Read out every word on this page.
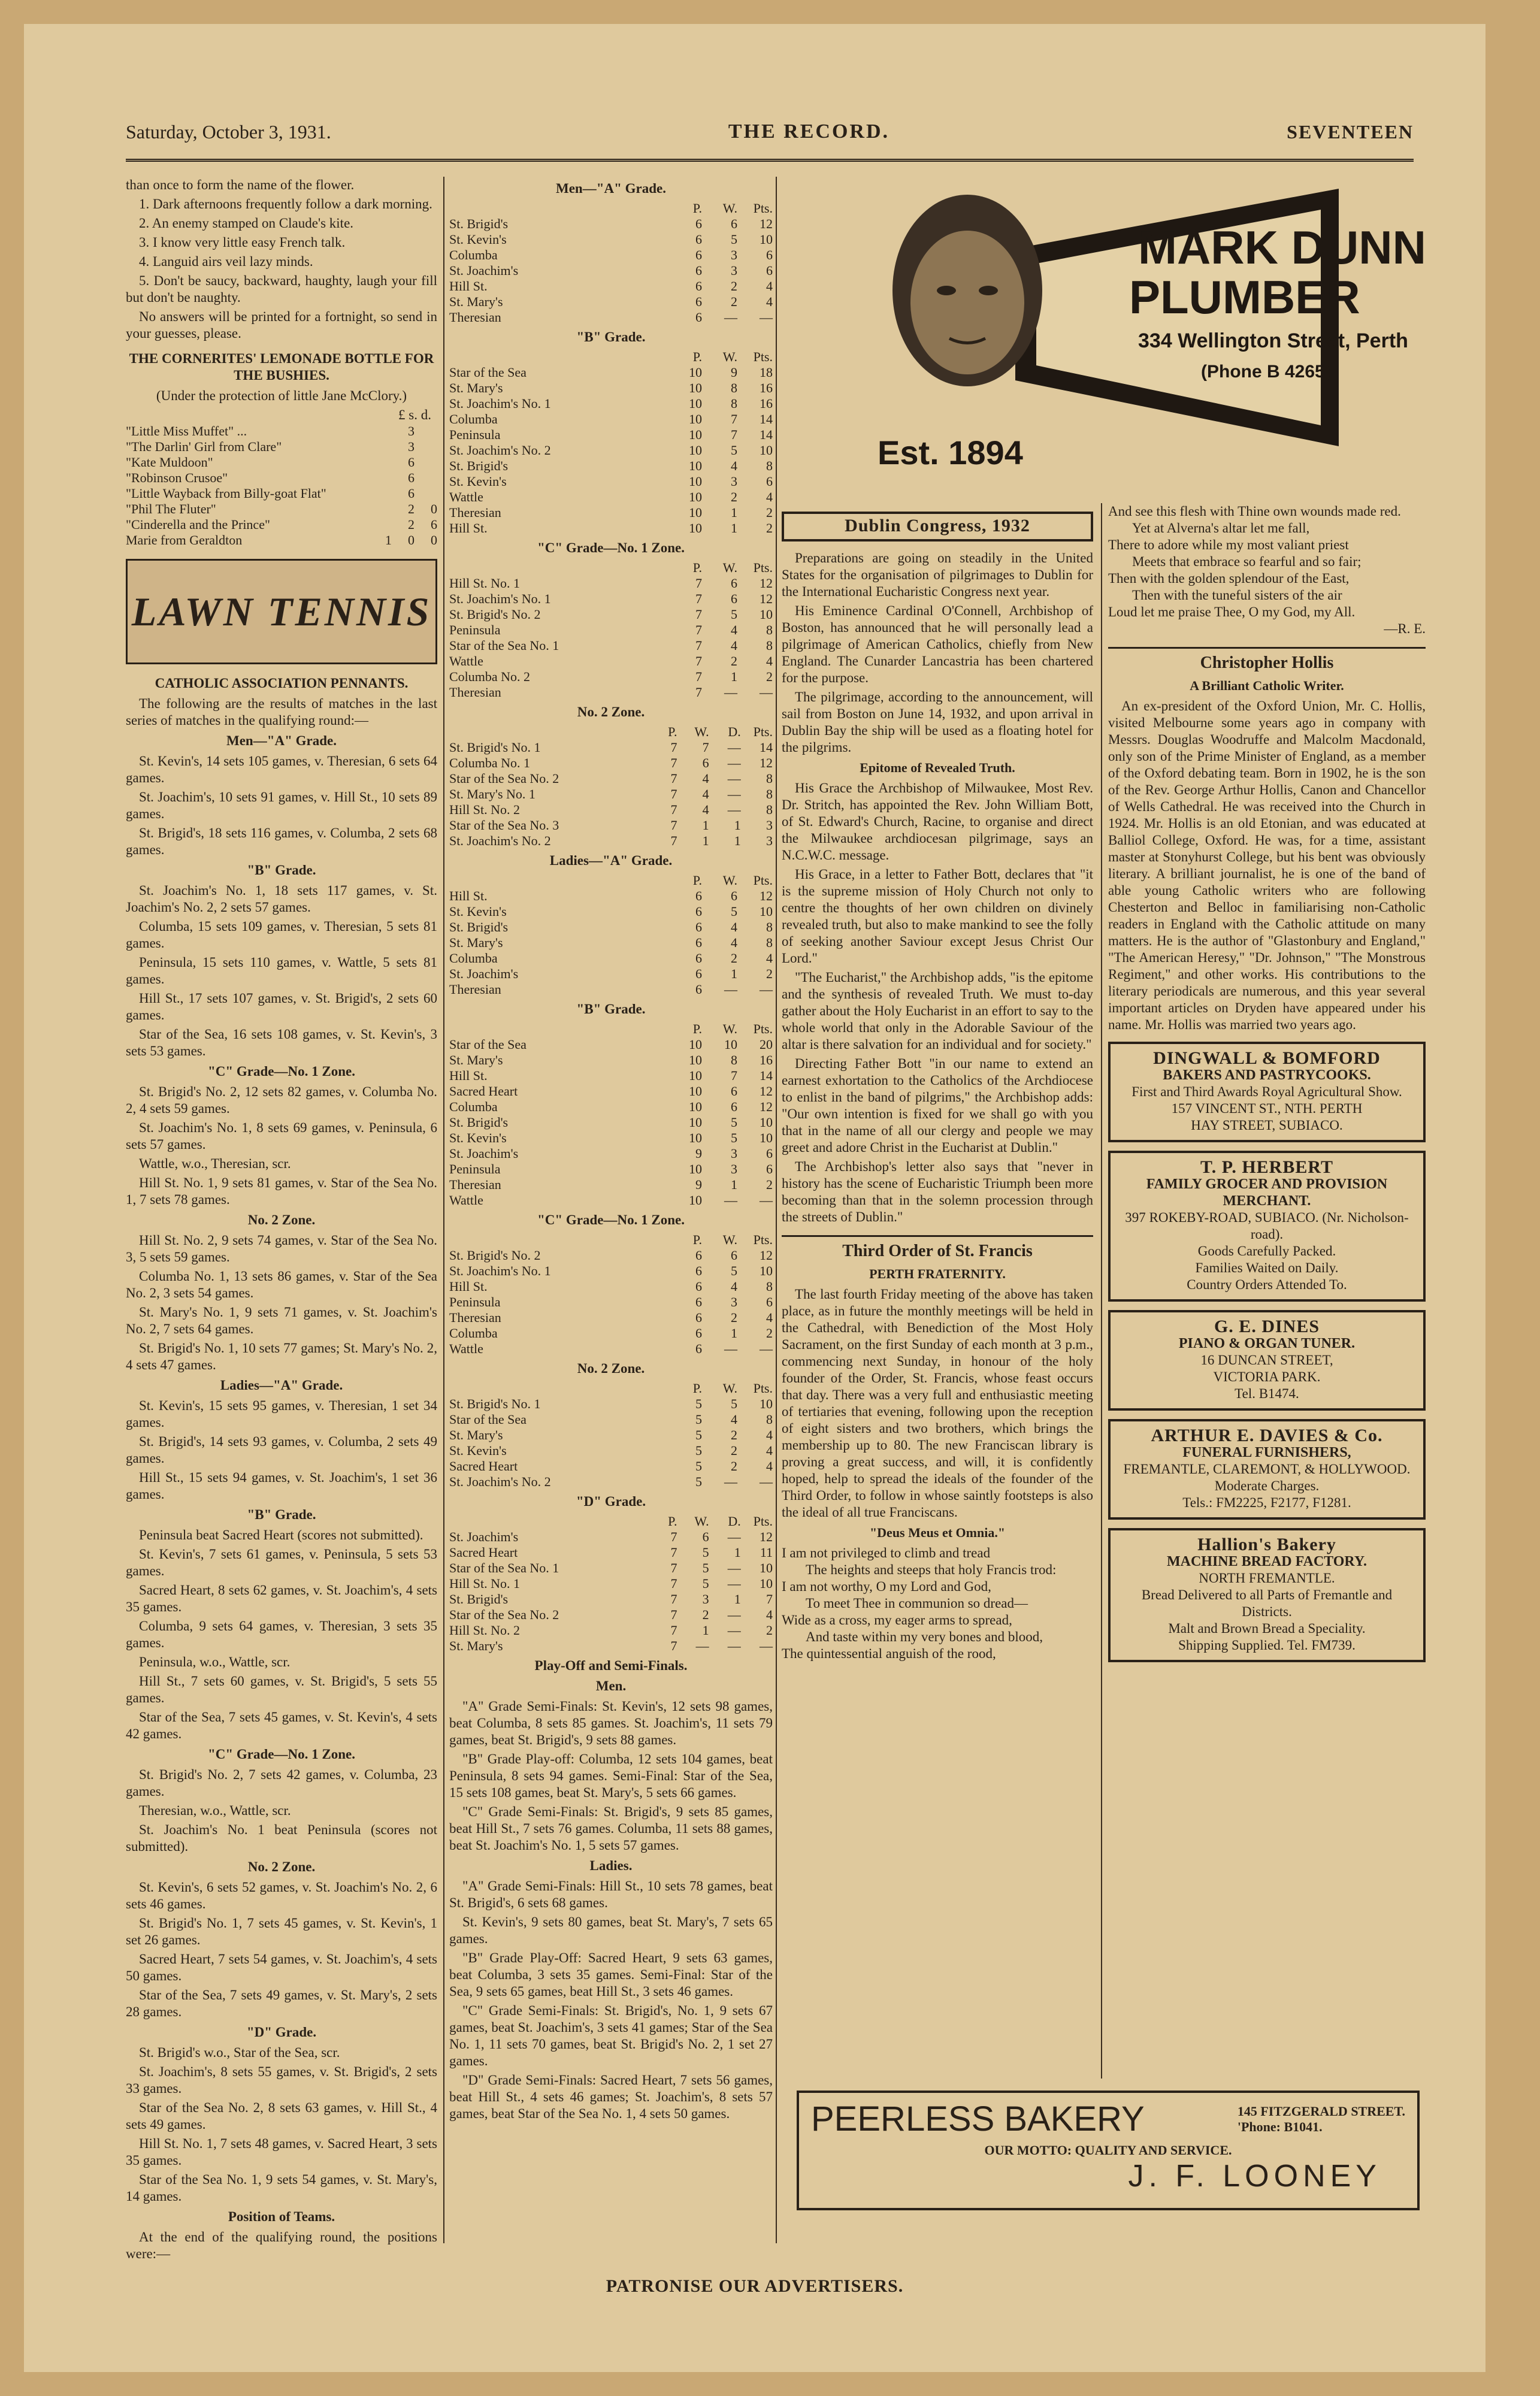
Saturday, October 3, 1931.	THE RECORD.	SEVENTEEN

than once to form the name of the flower.

1. Dark afternoons frequently follow a dark morning.

2. An enemy stamped on Claude's kite.

3. I know very little easy French talk.

4. Languid airs veil lazy minds.

5. Don't be saucy, backward, haughty, laugh your fill but don't be naughty.

No answers will be printed for a fortnight, so send in your guesses, please.

THE CORNERITES' LEMONADE BOTTLE FOR THE BUSHIES.

(Under the protection of little Jane McClory.)

£ s. d.
"Little Miss Muffet" ...		3	
"The Darlin' Girl from Clare"		3	
"Kate Muldoon"		6	
"Robinson Crusoe"		6	
"Little Wayback from Billy-goat Flat"		6	
"Phil The Fluter"		2	0
"Cinderella and the Prince"		2	6
Marie from Geraldton	1	0	0
LAWN TENNIS
CATHOLIC ASSOCIATION PENNANTS.

The following are the results of matches in the last series of matches in the qualifying round:—

Men—"A" Grade.

St. Kevin's, 14 sets 105 games, v. Theresian, 6 sets 64 games.

St. Joachim's, 10 sets 91 games, v. Hill St., 10 sets 89 games.

St. Brigid's, 18 sets 116 games, v. Columba, 2 sets 68 games.

"B" Grade.

St. Joachim's No. 1, 18 sets 117 games, v. St. Joachim's No. 2, 2 sets 57 games.

Columba, 15 sets 109 games, v. Theresian, 5 sets 81 games.

Peninsula, 15 sets 110 games, v. Wattle, 5 sets 81 games.

Hill St., 17 sets 107 games, v. St. Brigid's, 2 sets 60 games.

Star of the Sea, 16 sets 108 games, v. St. Kevin's, 3 sets 53 games.

"C" Grade—No. 1 Zone.

St. Brigid's No. 2, 12 sets 82 games, v. Columba No. 2, 4 sets 59 games.

St. Joachim's No. 1, 8 sets 69 games, v. Peninsula, 6 sets 57 games.

Wattle, w.o., Theresian, scr.

Hill St. No. 1, 9 sets 81 games, v. Star of the Sea No. 1, 7 sets 78 games.

No. 2 Zone.

Hill St. No. 2, 9 sets 74 games, v. Star of the Sea No. 3, 5 sets 59 games.

Columba No. 1, 13 sets 86 games, v. Star of the Sea No. 2, 3 sets 54 games.

St. Mary's No. 1, 9 sets 71 games, v. St. Joachim's No. 2, 7 sets 64 games.

St. Brigid's No. 1, 10 sets 77 games; St. Mary's No. 2, 4 sets 47 games.

Ladies—"A" Grade.

St. Kevin's, 15 sets 95 games, v. Theresian, 1 set 34 games.

St. Brigid's, 14 sets 93 games, v. Columba, 2 sets 49 games.

Hill St., 15 sets 94 games, v. St. Joachim's, 1 set 36 games.

"B" Grade.

Peninsula beat Sacred Heart (scores not submitted).

St. Kevin's, 7 sets 61 games, v. Peninsula, 5 sets 53 games.

Sacred Heart, 8 sets 62 games, v. St. Joachim's, 4 sets 35 games.

Columba, 9 sets 64 games, v. Theresian, 3 sets 35 games.

Peninsula, w.o., Wattle, scr.

Hill St., 7 sets 60 games, v. St. Brigid's, 5 sets 55 games.

Star of the Sea, 7 sets 45 games, v. St. Kevin's, 4 sets 42 games.

"C" Grade—No. 1 Zone.

St. Brigid's No. 2, 7 sets 42 games, v. Columba, 23 games.

Theresian, w.o., Wattle, scr.

St. Joachim's No. 1 beat Peninsula (scores not submitted).

No. 2 Zone.

St. Kevin's, 6 sets 52 games, v. St. Joachim's No. 2, 6 sets 46 games.

St. Brigid's No. 1, 7 sets 45 games, v. St. Kevin's, 1 set 26 games.

Sacred Heart, 7 sets 54 games, v. St. Joachim's, 4 sets 50 games.

Star of the Sea, 7 sets 49 games, v. St. Mary's, 2 sets 28 games.

"D" Grade.

St. Brigid's w.o., Star of the Sea, scr.

St. Joachim's, 8 sets 55 games, v. St. Brigid's, 2 sets 33 games.

Star of the Sea No. 2, 8 sets 63 games, v. Hill St., 4 sets 49 games.

Hill St. No. 1, 7 sets 48 games, v. Sacred Heart, 3 sets 35 games.

Star of the Sea No. 1, 9 sets 54 games, v. St. Mary's, 14 games.

Position of Teams.

At the end of the qualifying round, the positions were:—

Men—"A" Grade.
	P.	W.	Pts.
St. Brigid's	6	6	12
St. Kevin's	6	5	10
Columba	6	3	6
St. Joachim's	6	3	6
Hill St.	6	2	4
St. Mary's	6	2	4
Theresian	6	—	—
"B" Grade.
	P.	W.	Pts.
Star of the Sea	10	9	18
St. Mary's	10	8	16
St. Joachim's No. 1	10	8	16
Columba	10	7	14
Peninsula	10	7	14
St. Joachim's No. 2	10	5	10
St. Brigid's	10	4	8
St. Kevin's	10	3	6
Wattle	10	2	4
Theresian	10	1	2
Hill St.	10	1	2
"C" Grade—No. 1 Zone.
	P.	W.	Pts.
Hill St. No. 1	7	6	12
St. Joachim's No. 1	7	6	12
St. Brigid's No. 2	7	5	10
Peninsula	7	4	8
Star of the Sea No. 1	7	4	8
Wattle	7	2	4
Columba No. 2	7	1	2
Theresian	7	—	—
No. 2 Zone.
	P.	W.	D.	Pts.
St. Brigid's No. 1	7	7	—	14
Columba No. 1	7	6	—	12
Star of the Sea No. 2	7	4	—	8
St. Mary's No. 1	7	4	—	8
Hill St. No. 2	7	4	—	8
Star of the Sea No. 3	7	1	1	3
St. Joachim's No. 2	7	1	1	3
Ladies—"A" Grade.
	P.	W.	Pts.
Hill St.	6	6	12
St. Kevin's	6	5	10
St. Brigid's	6	4	8
St. Mary's	6	4	8
Columba	6	2	4
St. Joachim's	6	1	2
Theresian	6	—	—
"B" Grade.
	P.	W.	Pts.
Star of the Sea	10	10	20
St. Mary's	10	8	16
Hill St.	10	7	14
Sacred Heart	10	6	12
Columba	10	6	12
St. Brigid's	10	5	10
St. Kevin's	10	5	10
St. Joachim's	9	3	6
Peninsula	10	3	6
Theresian	9	1	2
Wattle	10	—	—
"C" Grade—No. 1 Zone.
	P.	W.	Pts.
St. Brigid's No. 2	6	6	12
St. Joachim's No. 1	6	5	10
Hill St.	6	4	8
Peninsula	6	3	6
Theresian	6	2	4
Columba	6	1	2
Wattle	6	—	—
No. 2 Zone.
	P.	W.	Pts.
St. Brigid's No. 1	5	5	10
Star of the Sea	5	4	8
St. Mary's	5	2	4
St. Kevin's	5	2	4
Sacred Heart	5	2	4
St. Joachim's No. 2	5	—	—
"D" Grade.
	P.	W.	D.	Pts.
St. Joachim's	7	6	—	12
Sacred Heart	7	5	1	11
Star of the Sea No. 1	7	5	—	10
Hill St. No. 1	7	5	—	10
St. Brigid's	7	3	1	7
Star of the Sea No. 2	7	2	—	4
Hill St. No. 2	7	1	—	2
St. Mary's	7	—	—	—
Play-Off and Semi-Finals.
Men.

"A" Grade Semi-Finals: St. Kevin's, 12 sets 98 games, beat Columba, 8 sets 85 games. St. Joachim's, 11 sets 79 games, beat St. Brigid's, 9 sets 88 games.

"B" Grade Play-off: Columba, 12 sets 104 games, beat Peninsula, 8 sets 94 games. Semi-Final: Star of the Sea, 15 sets 108 games, beat St. Mary's, 5 sets 66 games.

"C" Grade Semi-Finals: St. Brigid's, 9 sets 85 games, beat Hill St., 7 sets 76 games. Columba, 11 sets 88 games, beat St. Joachim's No. 1, 5 sets 57 games.

Ladies.

"A" Grade Semi-Finals: Hill St., 10 sets 78 games, beat St. Brigid's, 6 sets 68 games.

St. Kevin's, 9 sets 80 games, beat St. Mary's, 7 sets 65 games.

"B" Grade Play-Off: Sacred Heart, 9 sets 63 games, beat Columba, 3 sets 35 games. Semi-Final: Star of the Sea, 9 sets 65 games, beat Hill St., 3 sets 46 games.

"C" Grade Semi-Finals: St. Brigid's, No. 1, 9 sets 67 games, beat St. Joachim's, 3 sets 41 games; Star of the Sea No. 1, 11 sets 70 games, beat St. Brigid's No. 2, 1 set 27 games.

"D" Grade Semi-Finals: Sacred Heart, 7 sets 56 games, beat Hill St., 4 sets 46 games; St. Joachim's, 8 sets 57 games, beat Star of the Sea No. 1, 4 sets 50 games.

MARK DUNN
PLUMBER
334 Wellington Street, Perth
(Phone B 4265)
Est. 1894
Dublin Congress, 1932

Preparations are going on steadily in the United States for the organisation of pilgrimages to Dublin for the International Eucharistic Congress next year.

His Eminence Cardinal O'Connell, Archbishop of Boston, has announced that he will personally lead a pilgrimage of American Catholics, chiefly from New England. The Cunarder Lancastria has been chartered for the purpose.

The pilgrimage, according to the announcement, will sail from Boston on June 14, 1932, and upon arrival in Dublin Bay the ship will be used as a floating hotel for the pilgrims.

Epitome of Revealed Truth.

His Grace the Archbishop of Milwaukee, Most Rev. Dr. Stritch, has appointed the Rev. John William Bott, of St. Edward's Church, Racine, to organise and direct the Milwaukee archdiocesan pilgrimage, says an N.C.W.C. message.

His Grace, in a letter to Father Bott, declares that "it is the supreme mission of Holy Church not only to centre the thoughts of her own children on divinely revealed truth, but also to make mankind to see the folly of seeking another Saviour except Jesus Christ Our Lord."

"The Eucharist," the Archbishop adds, "is the epitome and the synthesis of revealed Truth. We must to-day gather about the Holy Eucharist in an effort to say to the whole world that only in the Adorable Saviour of the altar is there salvation for an individual and for society."

Directing Father Bott "in our name to extend an earnest exhortation to the Catholics of the Archdiocese to enlist in the band of pilgrims," the Archbishop adds: "Our own intention is fixed for we shall go with you that in the name of all our clergy and people we may greet and adore Christ in the Eucharist at Dublin."

The Archbishop's letter also says that "never in history has the scene of Eucharistic Triumph been more becoming than that in the solemn procession through the streets of Dublin."

Third Order of St. Francis
PERTH FRATERNITY.

The last fourth Friday meeting of the above has taken place, as in future the monthly meetings will be held in the Cathedral, with Benediction of the Most Holy Sacrament, on the first Sunday of each month at 3 p.m., commencing next Sunday, in honour of the holy founder of the Order, St. Francis, whose feast occurs that day. There was a very full and enthusiastic meeting of tertiaries that evening, following upon the reception of eight sisters and two brothers, which brings the membership up to 80. The new Franciscan library is proving a great success, and will, it is confidently hoped, help to spread the ideals of the founder of the Third Order, to follow in whose saintly footsteps is also the ideal of all true Franciscans.

"Deus Meus et Omnia."
I am not privileged to climb and tread
The heights and steeps that holy Francis trod:
I am not worthy, O my Lord and God,
To meet Thee in communion so dread—
Wide as a cross, my eager arms to spread,
And taste within my very bones and blood,
The quintessential anguish of the rood,
And see this flesh with Thine own wounds made red.
Yet at Alverna's altar let me fall,
There to adore while my most valiant priest
Meets that embrace so fearful and so fair;
Then with the golden splendour of the East,
Then with the tuneful sisters of the air
Loud let me praise Thee, O my God, my All.
—R. E.
Christopher Hollis
A Brilliant Catholic Writer.

An ex-president of the Oxford Union, Mr. C. Hollis, visited Melbourne some years ago in company with Messrs. Douglas Woodruffe and Malcolm Macdonald, only son of the Prime Minister of England, as a member of the Oxford debating team. Born in 1902, he is the son of the Rev. George Arthur Hollis, Canon and Chancellor of Wells Cathedral. He was received into the Church in 1924. Mr. Hollis is an old Etonian, and was educated at Balliol College, Oxford. He was, for a time, assistant master at Stonyhurst College, but his bent was obviously literary. A brilliant journalist, he is one of the band of able young Catholic writers who are following Chesterton and Belloc in familiarising non-Catholic readers in England with the Catholic attitude on many matters. He is the author of "Glastonbury and England," "The American Heresy," "Dr. Johnson," "The Monstrous Regiment," and other works. His contributions to the literary periodicals are numerous, and this year several important articles on Dryden have appeared under his name. Mr. Hollis was married two years ago.

DINGWALL & BOMFORD
BAKERS AND PASTRYCOOKS.
First and Third Awards Royal Agricultural Show.
157 VINCENT ST., NTH. PERTH
HAY STREET, SUBIACO.
T. P. HERBERT
FAMILY GROCER AND PROVISION MERCHANT.
397 ROKEBY-ROAD, SUBIACO. (Nr. Nicholson-road).
Goods Carefully Packed.
Families Waited on Daily.
Country Orders Attended To.
G. E. DINES
PIANO & ORGAN TUNER.
16 DUNCAN STREET,
VICTORIA PARK.
Tel. B1474.
ARTHUR E. DAVIES & Co.
FUNERAL FURNISHERS,
FREMANTLE, CLAREMONT, & HOLLYWOOD.
Moderate Charges.
Tels.: FM2225, F2177, F1281.
Hallion's Bakery
MACHINE BREAD FACTORY.
NORTH FREMANTLE.
Bread Delivered to all Parts of Fremantle and Districts.
Malt and Brown Bread a Speciality.
Shipping Supplied. Tel. FM739.
PEERLESS BAKERY	145 FITZGERALD STREET.
'Phone: B1041.
OUR MOTTO: QUALITY AND SERVICE.
J. F. LOONEY
PATRONISE OUR ADVERTISERS.
